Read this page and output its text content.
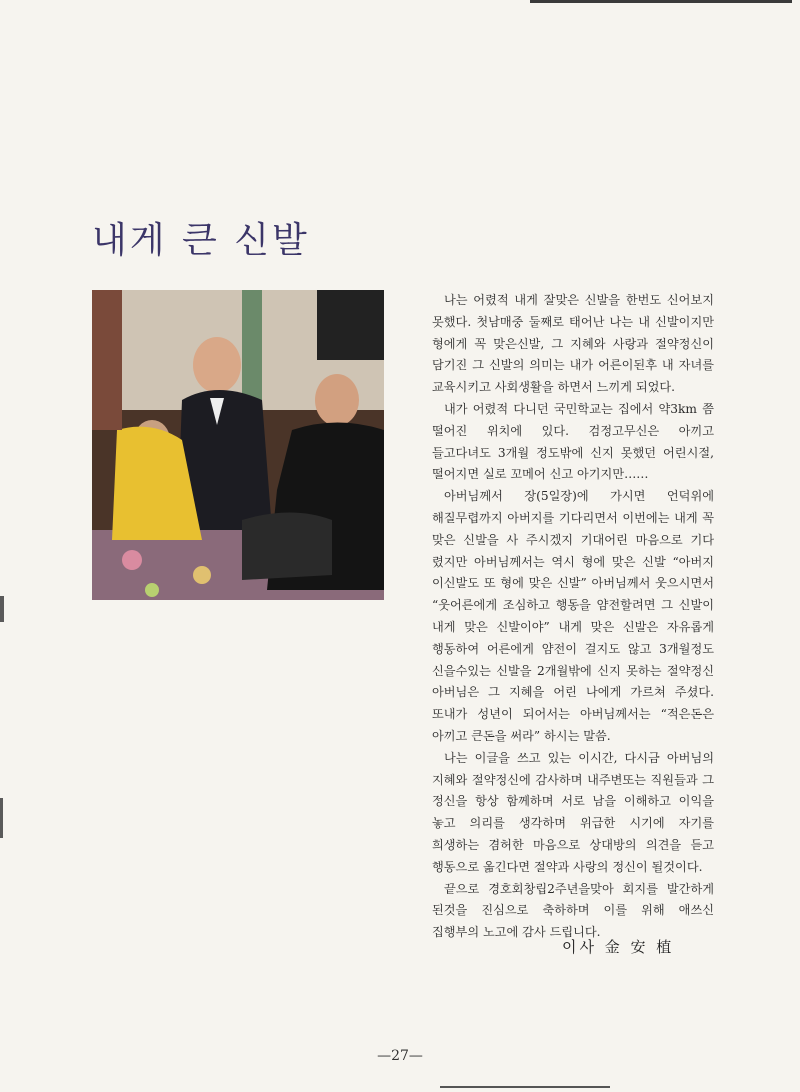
내게 큰 신발

나는 어렸적 내게 잘맞은 신발을 한번도 신어보지 못했다. 첫남매중 둘째로 태어난 나는 내 신발이지만 형에게 꼭 맞은신발, 그 지혜와 사랑과 절약정신이 담기진 그 신발의 의미는 내가 어른이된후 내 자녀를 교육시키고 사회생활을 하면서 느끼게 되었다.

내가 어렸적 다니던 국민학교는 집에서 약3km 쯤 떨어진 위치에 있다. 검정고무신은 아끼고 들고다녀도 3개월 정도밖에 신지 못했던 어린시절, 떨어지면 실로 꼬메어 신고 아기지만……

아버님께서 장(5일장)에 가시면 언덕위에 해질무렵까지 아버지를 기다리면서 이번에는 내게 꼭 맞은 신발을 사 주시겠지 기대어린 마음으로 기다 렸지만 아버님께서는 역시 형에 맞은 신발 “아버지 이신발도 또 형에 맞은 신발” 아버님께서 웃으시면서 “웃어른에게 조심하고 행동을 얌전할려면 그 신발이 내게 맞은 신발이야” 내게 맞은 신발은 자유롭게 행동하여 어른에게 얌전이 걸지도 않고 3개월정도 신을수있는 신발을 2개월밖에 신지 못하는 절약정신 아버님은 그 지혜을 어린 나에게 가르쳐 주셨다. 또내가 성년이 되어서는 아버님께서는 “적은돈은 아끼고 큰돈을 써라” 하시는 말씀.

나는 이글을 쓰고 있는 이시간, 다시금 아버님의 지혜와 절약정신에 감사하며 내주변또는 직원들과 그 정신을 항상 함께하며 서로 남을 이해하고 이익을 놓고 의리를 생각하며 위급한 시기에 자기를 희생하는 겸허한 마음으로 상대방의 의견을 듣고 행동으로 옮긴다면 절약과 사랑의 정신이 될것이다.

끝으로 경호회창립2주년을맞아 회지를 발간하게 된것을 진심으로 축하하며 이를 위해 애쓰신 집행부의 노고에 감사 드립니다.

이사 金 安 植
—27—
